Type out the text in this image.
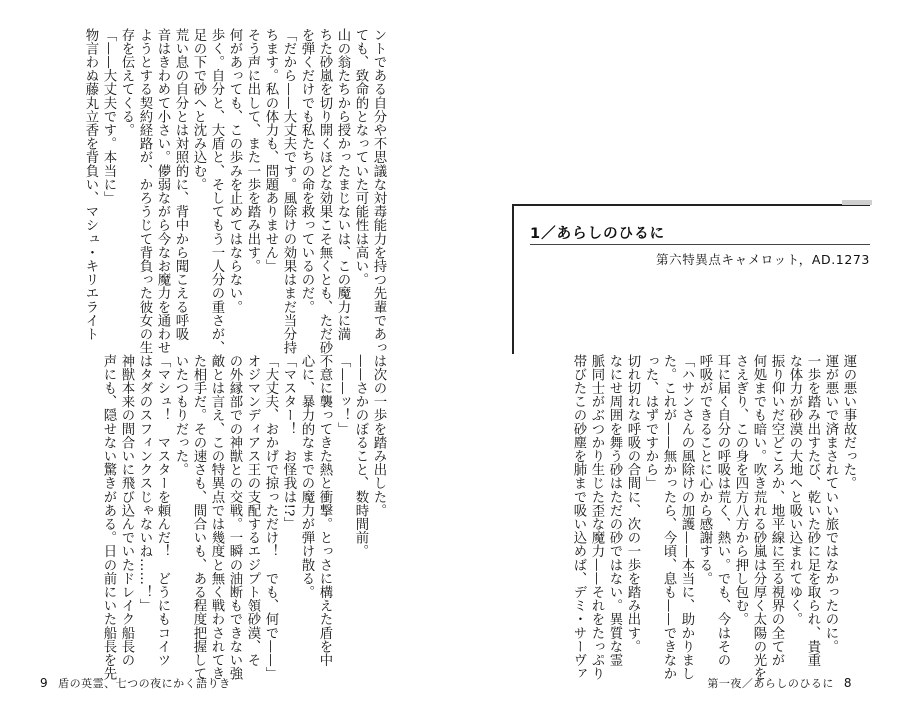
ントである自分や不思議な対毒能力を持つ先輩であっ

ても、致命的となっていた可能性は高い。

山の翁たちから授かったまじないは、この魔力に満

ちた砂嵐を切り開くほどな効果こそ無くとも、ただ砂

を弾くだけでも私たちの命を救っているのだ。

「だから——大丈夫です。風除けの効果はまだ当分持

ちます。私の体力も、問題ありません」

そう声に出して、また一歩を踏み出す。

何があっても、この歩みを止めてはならない。

歩く。自分と、大盾と、そしてもう一人分の重さが、

足の下で砂へと沈み込む。

荒い息の自分とは対照的に、背中から聞こえる呼吸

音はきわめて小さい。儚弱ながら今なお魔力を通わせ

ようとする契約経路が、かろうじて背負った彼女の生

存を伝えてくる。

「——大丈夫です。本当に」

物言わぬ藤丸立香を背負い、マシュ・キリエライト

は次の一歩を踏み出した。

——さかのぼること、数時間前。

「——ッ！」

不意に襲ってきた熱と衝撃。とっさに構えた盾を中

心に、暴力的なまでの魔力が弾け散る。

「マスター！　お怪我は!?」

「大丈夫、おかげで掠っただけ！　でも、何で——」

オジマンディアス王の支配するエジプト領砂漠、そ

の外縁部での神獣との交戦。一瞬の油断もできない強

敵とは言え、この特異点では幾度と無く戦わされてき

た相手だ。その速さも、間合いも、ある程度把握して

いたつもりだった。

「マシュ！　マスターを頼んだ！　どうにもコイツ

はタダのスフィンクスじゃないね……！」

神獣本来の間合いに飛び込んでいたドレイク船長の

声にも、隠せない驚きがある。日の前にいた船長を先

9 盾の英霊、七つの夜にかく語りき
1／あらしのひるに
第六特異点キャメロット，AD.1273

運の悪い事故だった。

運が悪いで済まされていい旅ではなかったのに。

一歩を踏み出すたび、乾いた砂に足を取られ、貴重

な体力が砂漠の大地へと吸い込まれてゆく。

振り仰いだ空どころか、地平線に至る視界の全てが

何処までも暗い。吹き荒れる砂嵐は分厚く太陽の光を

さえぎり、この身を四方八方から押し包む。

耳に届く自分の呼吸は荒く、熱い。でも、今はその

呼吸ができることに心から感謝する。

「ハサンさんの風除けの加護——本当に、助かりまし

た。これが——無かったら、今頃、息も——できなか

った、はずですから」

切れ切れな呼吸の合間に、次の一歩を踏み出す。

なにせ周囲を舞う砂はただの砂ではない。異質な霊

脈同士がぶつかり生じた歪な魔力——それをたっぷり

帯びたこの砂塵を肺まで吸い込めば、デミ・サーヴァ

第一夜／あらしのひるに 8
